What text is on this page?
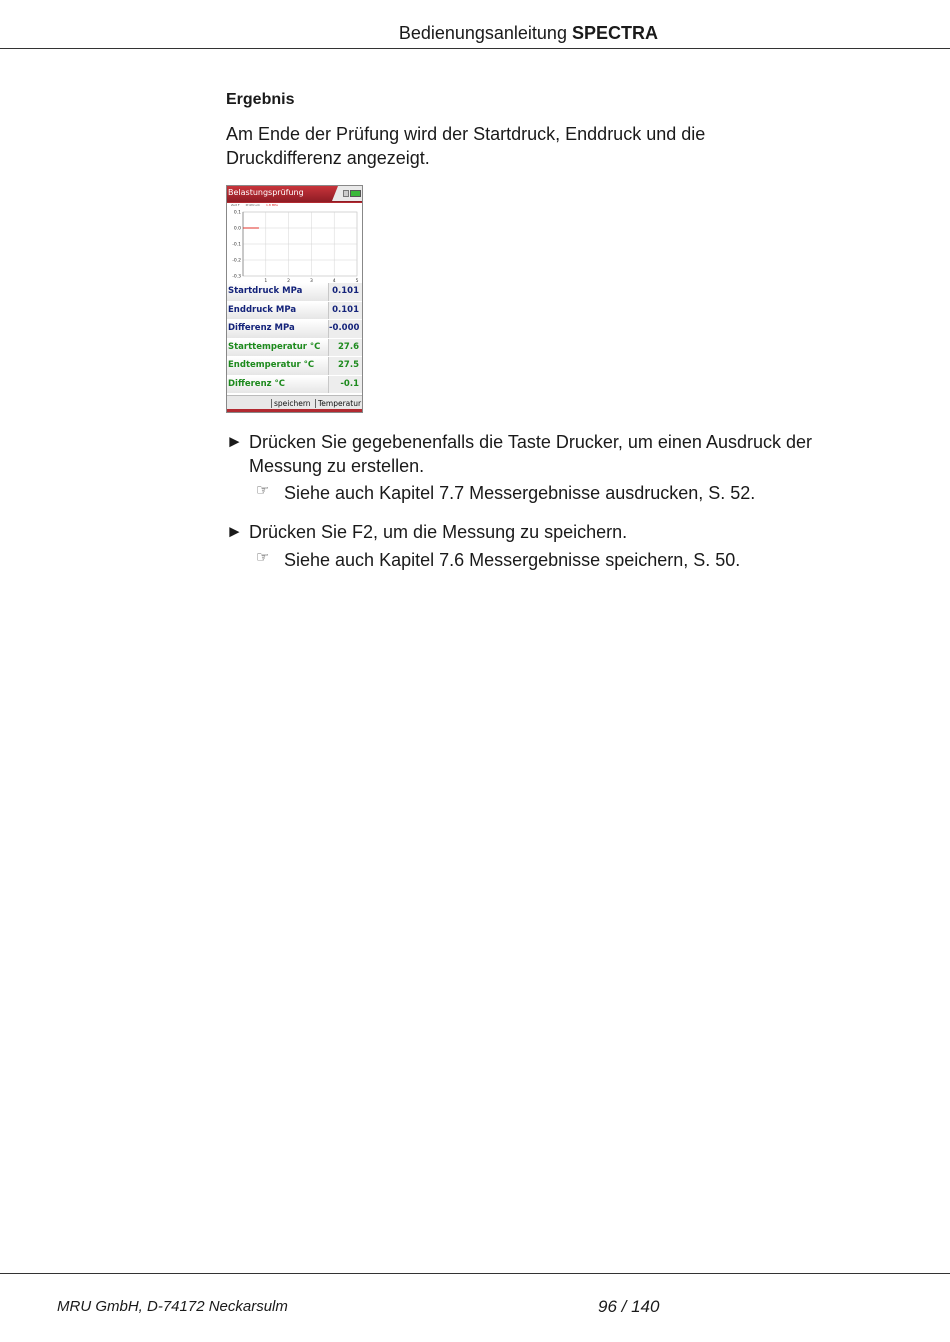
Bedienungsanleitung SPECTRA
Ergebnis

Am Ende der Prüfung wird der Startdruck, Enddruck und die Druckdifferenz angezeigt.

Belastungsprüfung
Zeit F Prüfdruck 1.8 MPa
0.1
0.0
-0.1
-0.2
-0.3
1	2	3	4	5
Startdruck MPa	0.101
Enddruck MPa	0.101
Differenz MPa	-0.000
Starttemperatur °C	27.6
Endtemperatur °C	27.5
Differenz °C	-0.1
speichern Temperatur
► Drücken Sie gegebenenfalls die Taste Drucker, um einen Ausdruck der Messung zu erstellen.
☞ Siehe auch Kapitel 7.7 Messergebnisse ausdrucken, S. 52.
► Drücken Sie F2, um die Messung zu speichern.
☞ Siehe auch Kapitel 7.6 Messergebnisse speichern, S. 50.
MRU GmbH, D-74172 Neckarsulm	96 / 140
